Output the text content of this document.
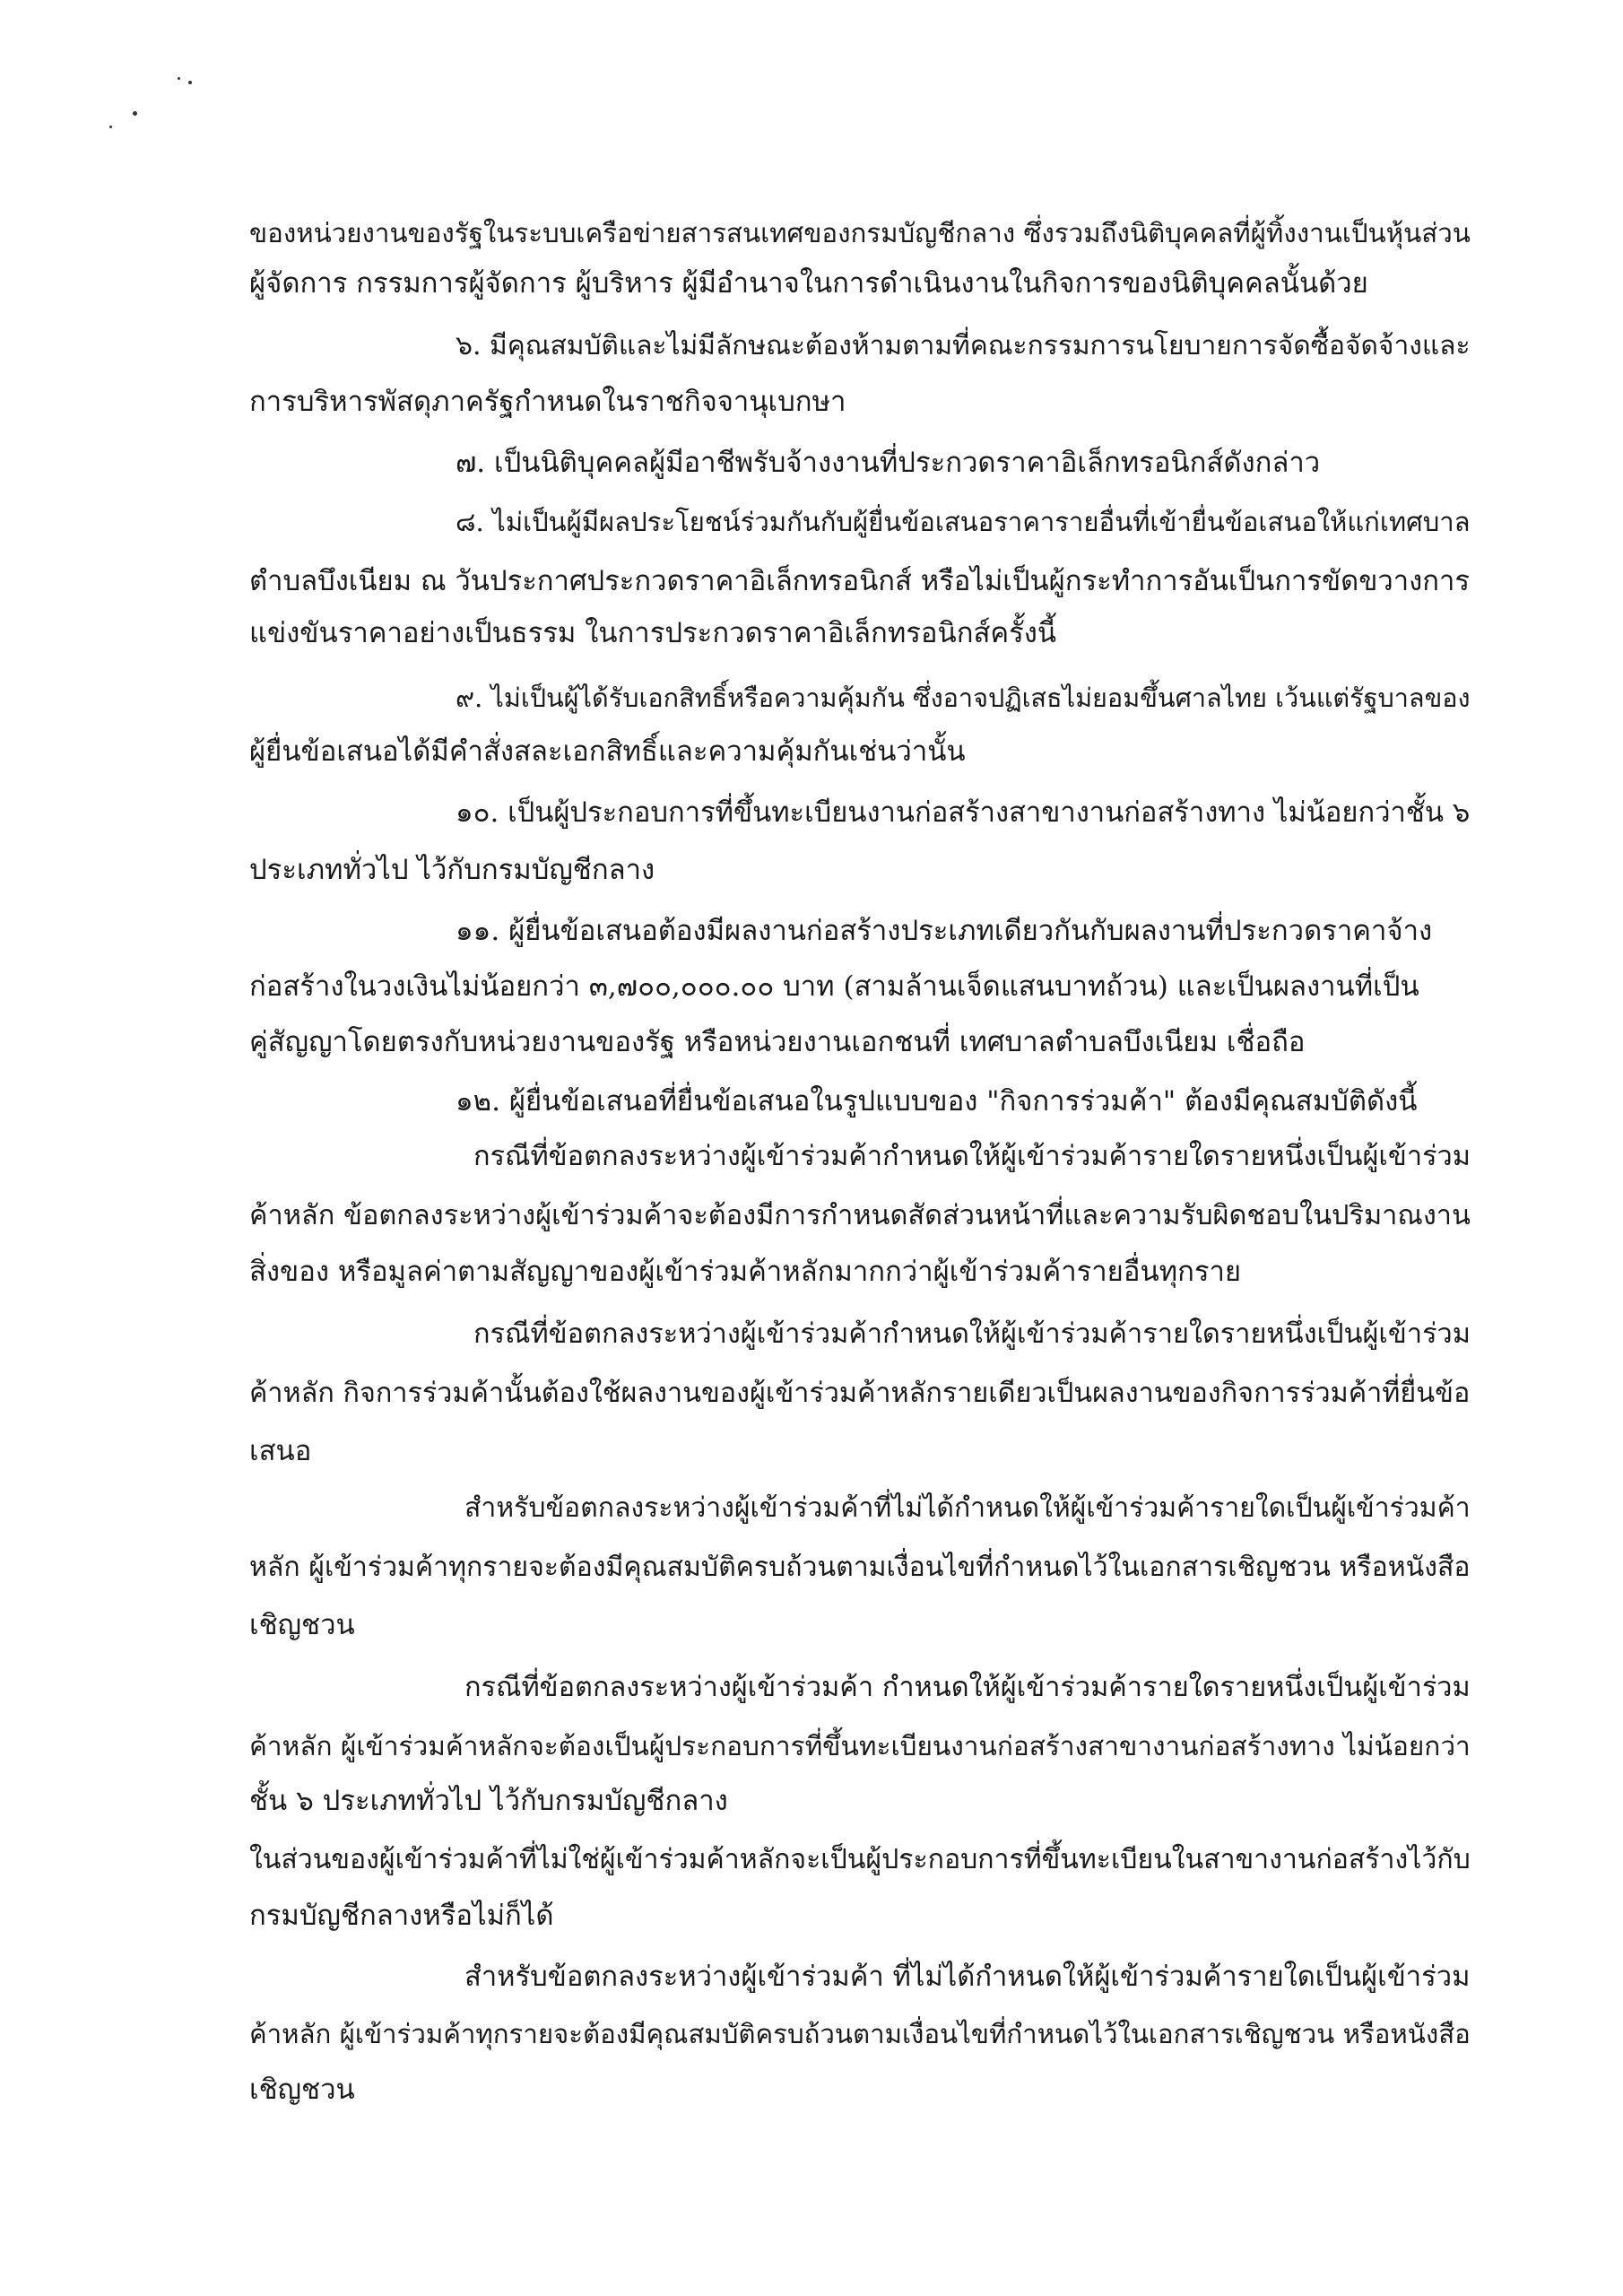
ของหน่วยงานของรัฐในระบบเครือข่ายสารสนเทศของกรมบัญชีกลาง ซึ่งรวมถึงนิติบุคคลที่ผู้ทิ้งงานเป็นหุ้นส่วน
ผู้จัดการ กรรมการผู้จัดการ ผู้บริหาร ผู้มีอำนาจในการดำเนินงานในกิจการของนิติบุคคลนั้นด้วย
๖. มีคุณสมบัติและไม่มีลักษณะต้องห้ามตามที่คณะกรรมการนโยบายการจัดซื้อจัดจ้างและ
การบริหารพัสดุภาครัฐกำหนดในราชกิจจานุเบกษา
๗. เป็นนิติบุคคลผู้มีอาชีพรับจ้างงานที่ประกวดราคาอิเล็กทรอนิกส์ดังกล่าว
๘. ไม่เป็นผู้มีผลประโยชน์ร่วมกันกับผู้ยื่นข้อเสนอราคารายอื่นที่เข้ายื่นข้อเสนอให้แก่เทศบาล
ตำบลบึงเนียม ณ วันประกาศประกวดราคาอิเล็กทรอนิกส์ หรือไม่เป็นผู้กระทำการอันเป็นการขัดขวางการ
แข่งขันราคาอย่างเป็นธรรม ในการประกวดราคาอิเล็กทรอนิกส์ครั้งนี้
๙. ไม่เป็นผู้ได้รับเอกสิทธิ์หรือความคุ้มกัน ซึ่งอาจปฏิเสธไม่ยอมขึ้นศาลไทย เว้นแต่รัฐบาลของ
ผู้ยื่นข้อเสนอได้มีคำสั่งสละเอกสิทธิ์และความคุ้มกันเช่นว่านั้น
๑๐. เป็นผู้ประกอบการที่ขึ้นทะเบียนงานก่อสร้างสาขางานก่อสร้างทาง ไม่น้อยกว่าชั้น ๖
ประเภททั่วไป ไว้กับกรมบัญชีกลาง
๑๑. ผู้ยื่นข้อเสนอต้องมีผลงานก่อสร้างประเภทเดียวกันกับผลงานที่ประกวดราคาจ้าง
ก่อสร้างในวงเงินไม่น้อยกว่า ๓,๗๐๐,๐๐๐.๐๐ บาท (สามล้านเจ็ดแสนบาทถ้วน) และเป็นผลงานที่เป็น
คู่สัญญาโดยตรงกับหน่วยงานของรัฐ หรือหน่วยงานเอกชนที่ เทศบาลตำบลบึงเนียม เชื่อถือ
๑๒. ผู้ยื่นข้อเสนอที่ยื่นข้อเสนอในรูปแบบของ "กิจการร่วมค้า" ต้องมีคุณสมบัติดังนี้
กรณีที่ข้อตกลงระหว่างผู้เข้าร่วมค้ากำหนดให้ผู้เข้าร่วมค้ารายใดรายหนึ่งเป็นผู้เข้าร่วม
ค้าหลัก ข้อตกลงระหว่างผู้เข้าร่วมค้าจะต้องมีการกำหนดสัดส่วนหน้าที่และความรับผิดชอบในปริมาณงาน
สิ่งของ หรือมูลค่าตามสัญญาของผู้เข้าร่วมค้าหลักมากกว่าผู้เข้าร่วมค้ารายอื่นทุกราย
กรณีที่ข้อตกลงระหว่างผู้เข้าร่วมค้ากำหนดให้ผู้เข้าร่วมค้ารายใดรายหนึ่งเป็นผู้เข้าร่วม
ค้าหลัก กิจการร่วมค้านั้นต้องใช้ผลงานของผู้เข้าร่วมค้าหลักรายเดียวเป็นผลงานของกิจการร่วมค้าที่ยื่นข้อ
เสนอ
สำหรับข้อตกลงระหว่างผู้เข้าร่วมค้าที่ไม่ได้กำหนดให้ผู้เข้าร่วมค้ารายใดเป็นผู้เข้าร่วมค้า
หลัก ผู้เข้าร่วมค้าทุกรายจะต้องมีคุณสมบัติครบถ้วนตามเงื่อนไขที่กำหนดไว้ในเอกสารเชิญชวน หรือหนังสือ
เชิญชวน
กรณีที่ข้อตกลงระหว่างผู้เข้าร่วมค้า กำหนดให้ผู้เข้าร่วมค้ารายใดรายหนึ่งเป็นผู้เข้าร่วม
ค้าหลัก ผู้เข้าร่วมค้าหลักจะต้องเป็นผู้ประกอบการที่ขึ้นทะเบียนงานก่อสร้างสาขางานก่อสร้างทาง ไม่น้อยกว่า
ชั้น ๖ ประเภททั่วไป ไว้กับกรมบัญชีกลาง
ในส่วนของผู้เข้าร่วมค้าที่ไม่ใช่ผู้เข้าร่วมค้าหลักจะเป็นผู้ประกอบการที่ขึ้นทะเบียนในสาขางานก่อสร้างไว้กับ
กรมบัญชีกลางหรือไม่ก็ได้
สำหรับข้อตกลงระหว่างผู้เข้าร่วมค้า ที่ไม่ได้กำหนดให้ผู้เข้าร่วมค้ารายใดเป็นผู้เข้าร่วม
ค้าหลัก ผู้เข้าร่วมค้าทุกรายจะต้องมีคุณสมบัติครบถ้วนตามเงื่อนไขที่กำหนดไว้ในเอกสารเชิญชวน หรือหนังสือ
เชิญชวน
